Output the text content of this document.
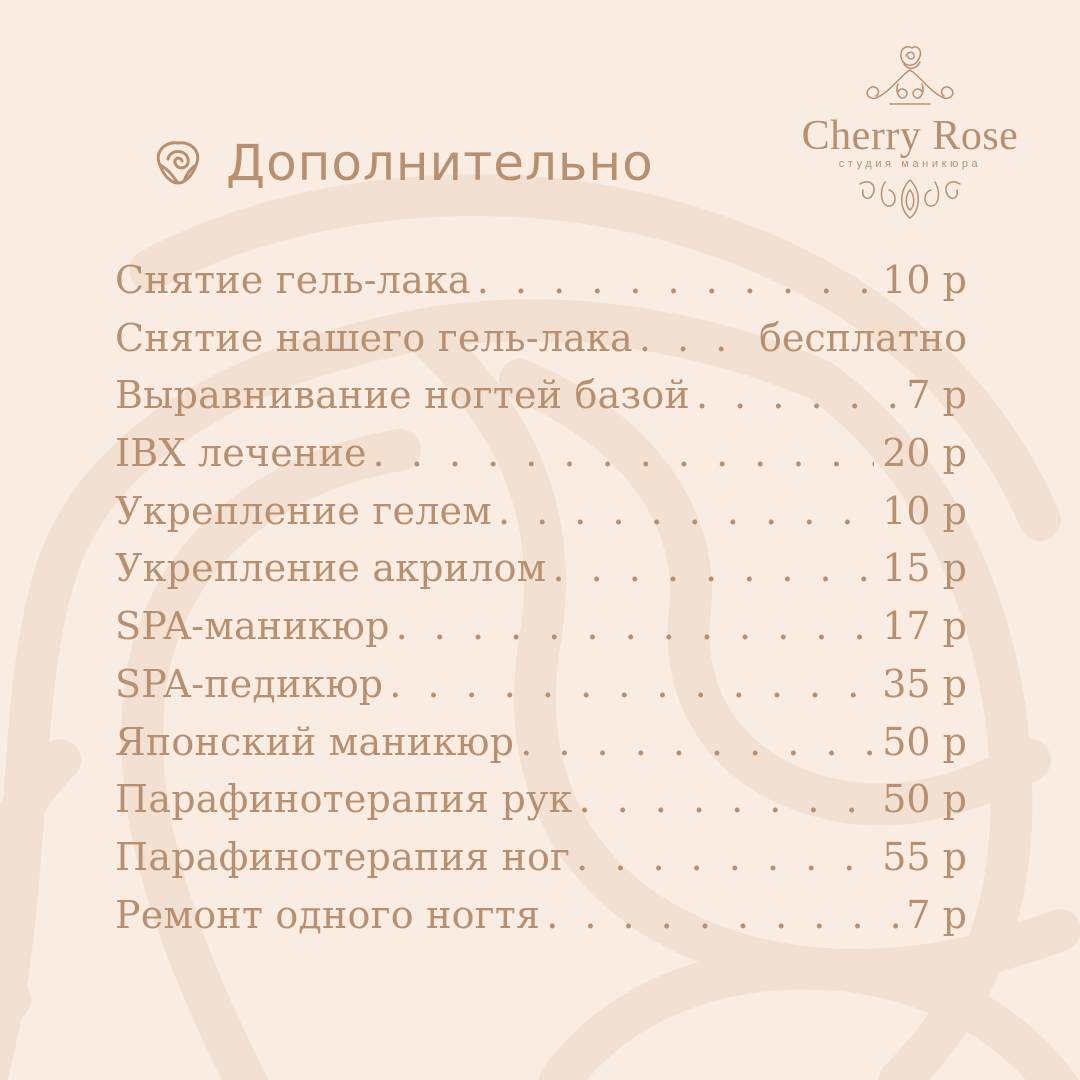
Cherry Rose
студия маникюра
Дополнительно
Снятие гель-лака . . .	10 р
Снятие нашего гель-лака . . .	бесплатно
Выравнивание ногтей базой . . .	7 р
IBX лечение . . .	20 р
Укрепление гелем . . .	10 р
Укрепление акрилом . . .	15 р
SPA-маникюр . . .	17 р
SPA-педикюр . . .	35 р
Японский маникюр . . .	50 р
Парафинотерапия рук . . .	50 р
Парафинотерапия ног . . .	55 р
Ремонт одного ногтя . . .	7 р
